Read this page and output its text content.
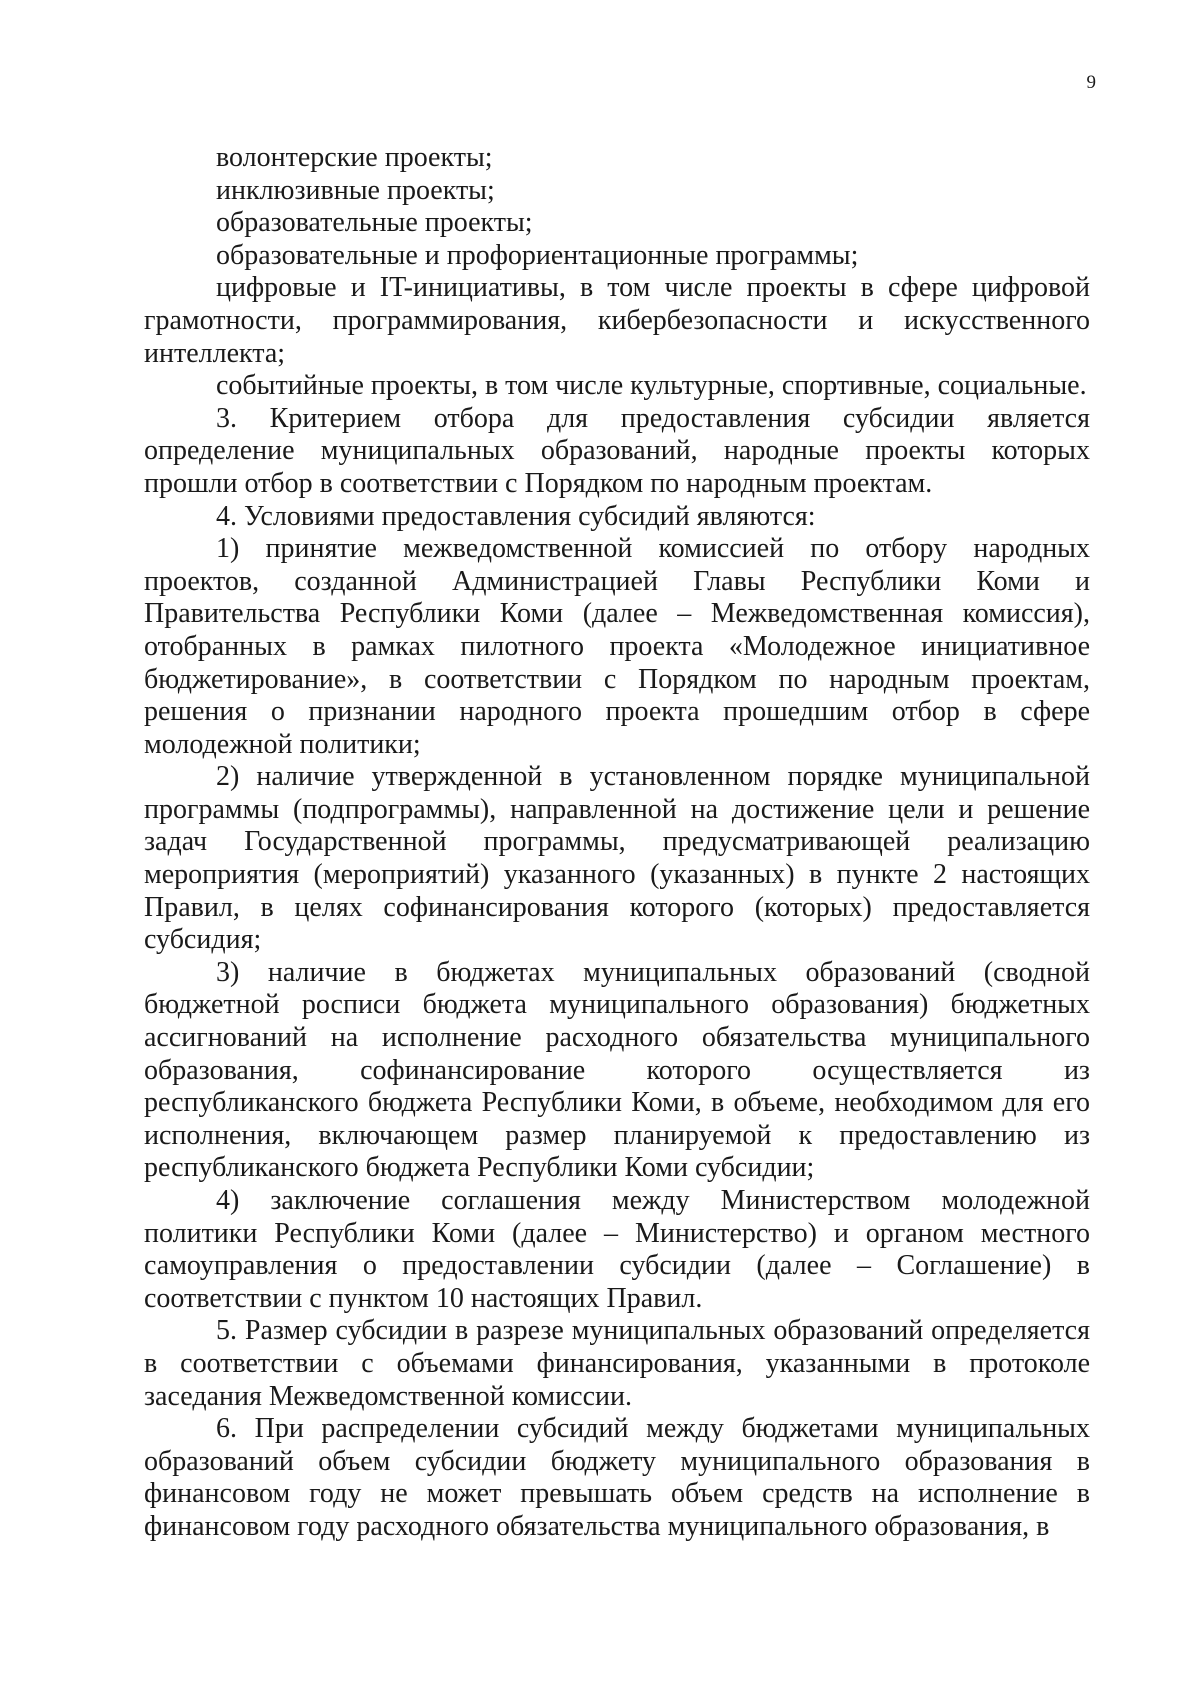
9

волонтерские проекты;

инклюзивные проекты;

образовательные проекты;

образовательные и профориентационные программы;

цифровые и IT-инициативы, в том числе проекты в сфере цифровой грамотности, программирования, кибербезопасности и искусственного интеллекта;

событийные проекты, в том числе культурные, спортивные, социальные.

3. Критерием отбора для предоставления субсидии является определение муниципальных образований, народные проекты которых прошли отбор в соответствии с Порядком по народным проектам.

4. Условиями предоставления субсидий являются:

1) принятие межведомственной комиссией по отбору народных проектов, созданной Администрацией Главы Республики Коми и Правительства Республики Коми (далее – Межведомственная комиссия), отобранных в рамках пилотного проекта «Молодежное инициативное бюджетирование», в соответствии с Порядком по народным проектам, решения о признании народного проекта прошедшим отбор в сфере молодежной политики;

2) наличие утвержденной в установленном порядке муниципальной программы (подпрограммы), направленной на достижение цели и решение задач Государственной программы, предусматривающей реализацию мероприятия (мероприятий) указанного (указанных) в пункте 2 настоящих Правил, в целях софинансирования которого (которых) предоставляется субсидия;

3) наличие в бюджетах муниципальных образований (сводной бюджетной росписи бюджета муниципального образования) бюджетных ассигнований на исполнение расходного обязательства муниципального образования, софинансирование которого осуществляется из республиканского бюджета Республики Коми, в объеме, необходимом для его исполнения, включающем размер планируемой к предоставлению из республиканского бюджета Республики Коми субсидии;

4) заключение соглашения между Министерством молодежной политики Республики Коми (далее – Министерство) и органом местного самоуправления о предоставлении субсидии (далее – Соглашение) в соответствии с пунктом 10 настоящих Правил.

5. Размер субсидии в разрезе муниципальных образований определяется в соответствии с объемами финансирования, указанными в протоколе заседания Межведомственной комиссии.

6. При распределении субсидий между бюджетами муниципальных образований объем субсидии бюджету муниципального образования в финансовом году не может превышать объем средств на исполнение в финансовом году расходного обязательства муниципального образования, в
